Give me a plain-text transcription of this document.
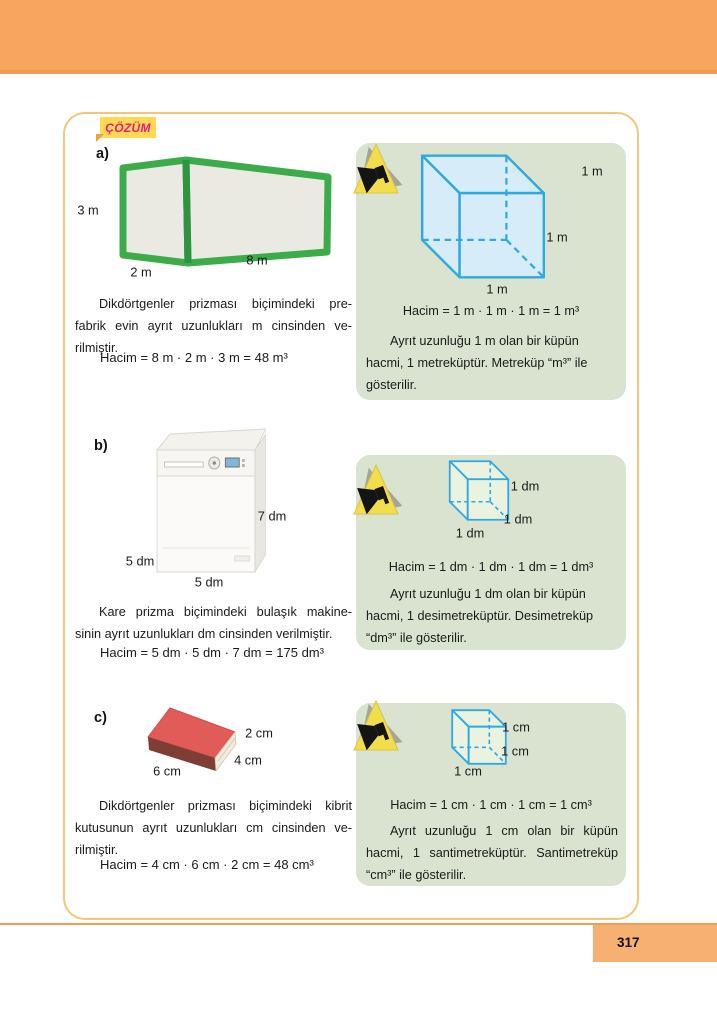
317
ÇÖZÜM
a)
3 m
2 m
8 m
Dikdörtgenler prizması biçimindeki pre-
fabrik evin ayrıt uzunlukları m cinsinden ve-
rilmiştir.
Hacim = 8 m · 2 m · 3 m = 48 m³
1 m
1 m
1 m
Hacim = 1 m · 1 m · 1 m = 1 m³
Ayrıt uzunluğu 1 m olan bir küpün
hacmi, 1 metreküptür. Metreküp “m³” ile
gösterilir.
b)
7 dm
5 dm
5 dm
Kare prizma biçimindeki bulaşık makine-
sinin ayrıt uzunlukları dm cinsinden verilmiştir.
Hacim = 5 dm · 5 dm · 7 dm = 175 dm³
1 dm
1 dm
1 dm
Hacim = 1 dm · 1 dm · 1 dm = 1 dm³
Ayrıt uzunluğu 1 dm olan bir küpün
hacmi, 1 desimetreküptür. Desimetreküp
“dm³” ile gösterilir.
c)
2 cm
4 cm
6 cm
Dikdörtgenler prizması biçimindeki kibrit
kutusunun ayrıt uzunlukları cm cinsinden ve-
rilmiştir.
Hacim = 4 cm · 6 cm · 2 cm = 48 cm³
1 cm
1 cm
1 cm
Hacim = 1 cm · 1 cm · 1 cm = 1 cm³
Ayrıt uzunluğu 1 cm olan bir küpün
hacmi, 1 santimetreküptür. Santimetreküp
“cm³” ile gösterilir.
